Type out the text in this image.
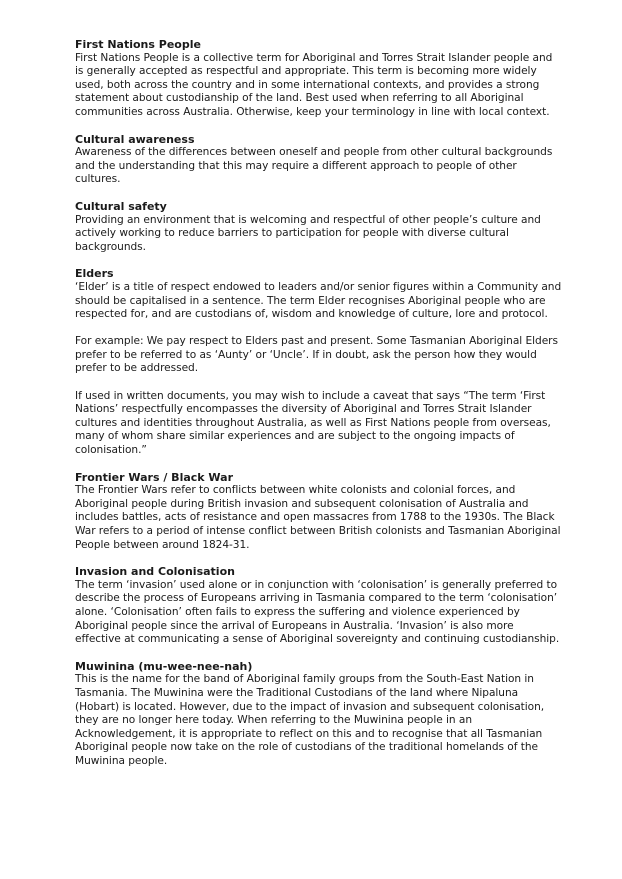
First Nations People

First Nations People is a collective term for Aboriginal and Torres Strait Islander people and is generally accepted as respectful and appropriate. This term is becoming more widely used, both across the country and in some international contexts, and provides a strong statement about custodianship of the land. Best used when referring to all Aboriginal communities across Australia. Otherwise, keep your terminology in line with local context.

Cultural awareness

Awareness of the differences between oneself and people from other cultural backgrounds and the understanding that this may require a different approach to people of other cultures.

Cultural safety

Providing an environment that is welcoming and respectful of other people’s culture and actively working to reduce barriers to participation for people with diverse cultural backgrounds.

Elders

‘Elder’ is a title of respect endowed to leaders and/or senior figures within a Community and should be capitalised in a sentence. The term Elder recognises Aboriginal people who are respected for, and are custodians of, wisdom and knowledge of culture, lore and protocol.

For example: We pay respect to Elders past and present. Some Tasmanian Aboriginal Elders prefer to be referred to as ‘Aunty’ or ‘Uncle’. If in doubt, ask the person how they would prefer to be addressed.

If used in written documents, you may wish to include a caveat that says “The term ‘First Nations’ respectfully encompasses the diversity of Aboriginal and Torres Strait Islander cultures and identities throughout Australia, as well as First Nations people from overseas, many of whom share similar experiences and are subject to the ongoing impacts of colonisation.”

Frontier Wars / Black War

The Frontier Wars refer to conflicts between white colonists and colonial forces, and Aboriginal people during British invasion and subsequent colonisation of Australia and includes battles, acts of resistance and open massacres from 1788 to the 1930s. The Black War refers to a period of intense conflict between British colonists and Tasmanian Aboriginal People between around 1824-31.

Invasion and Colonisation

The term ‘invasion’ used alone or in conjunction with ‘colonisation’ is generally preferred to describe the process of Europeans arriving in Tasmania compared to the term ‘colonisation’ alone. ‘Colonisation’ often fails to express the suffering and violence experienced by Aboriginal people since the arrival of Europeans in Australia. ‘Invasion’ is also more effective at communicating a sense of Aboriginal sovereignty and continuing custodianship.

Muwinina (mu-wee-nee-nah)

This is the name for the band of Aboriginal family groups from the South-East Nation in Tasmania. The Muwinina were the Traditional Custodians of the land where Nipaluna (Hobart) is located. However, due to the impact of invasion and subsequent colonisation, they are no longer here today. When referring to the Muwinina people in an Acknowledgement, it is appropriate to reflect on this and to recognise that all Tasmanian Aboriginal people now take on the role of custodians of the traditional homelands of the Muwinina people.
